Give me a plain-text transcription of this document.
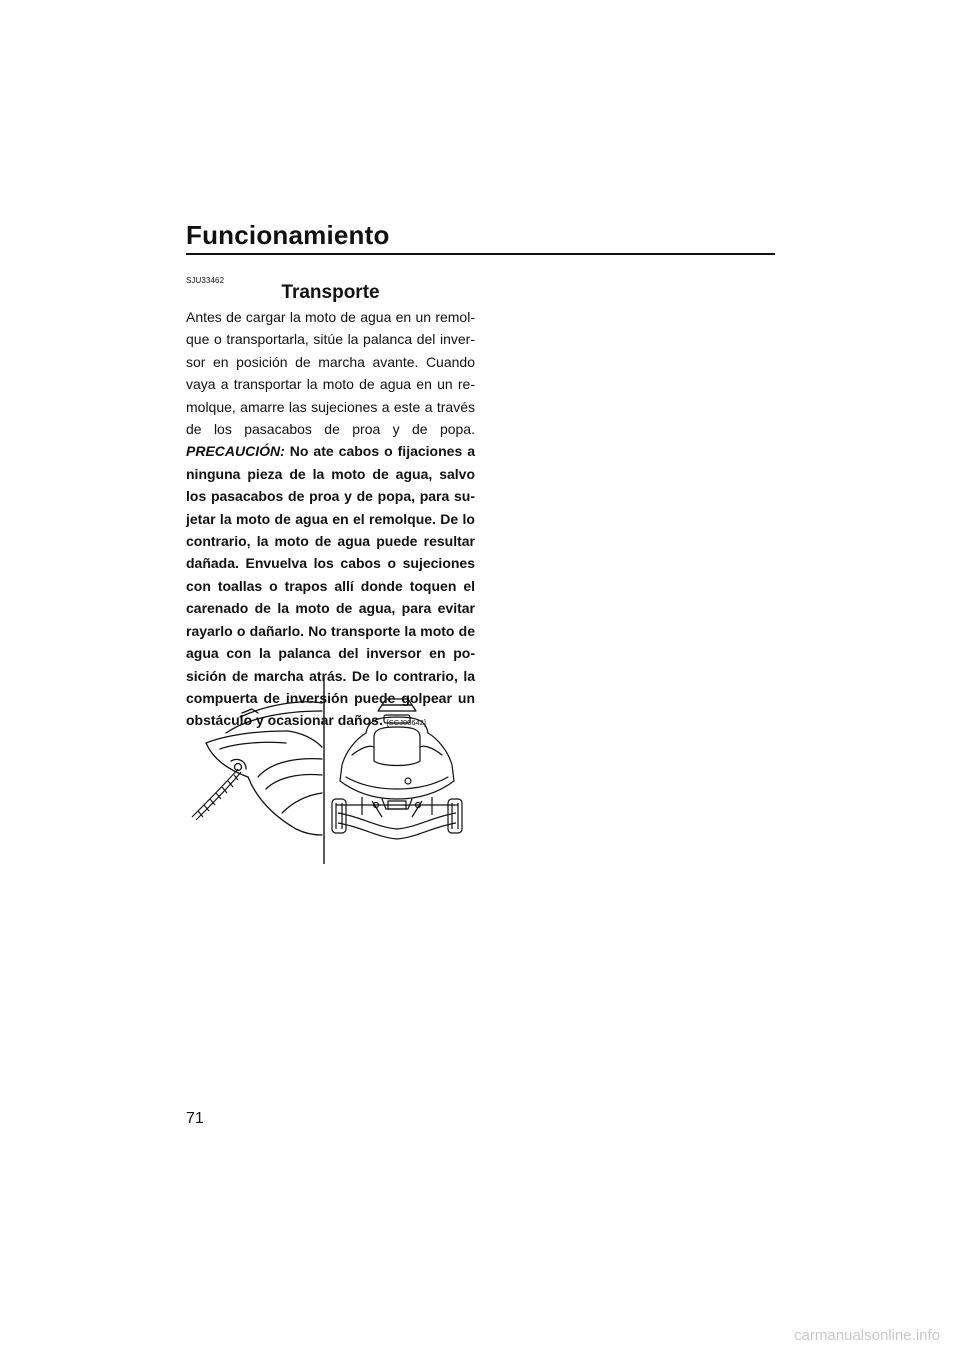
Funcionamiento
SJU33462
Transporte
Antes de cargar la moto de agua en un remolque o transportarla, sitúe la palanca del inversor en posición de marcha avante. Cuando vaya a transportar la moto de agua en un remolque, amarre las sujeciones a este a través de los pasacabos de proa y de popa. PRECAUCIÓN: No ate cabos o fijaciones a ninguna pieza de la moto de agua, salvo los pasacabos de proa y de popa, para sujetar la moto de agua en el remolque. De lo contrario, la moto de agua puede resultar dañada. Envuelva los cabos o sujeciones con toallas o trapos allí donde toquen el carenado de la moto de agua, para evitar rayarlo o dañarlo. No transporte la moto de agua con la palanca del inversor en posición de marcha atrás. De lo contrario, la compuerta de inversión puede golpear un obstáculo y ocasionar daños. [SCJ00642]
71
carmanualsonline.info
